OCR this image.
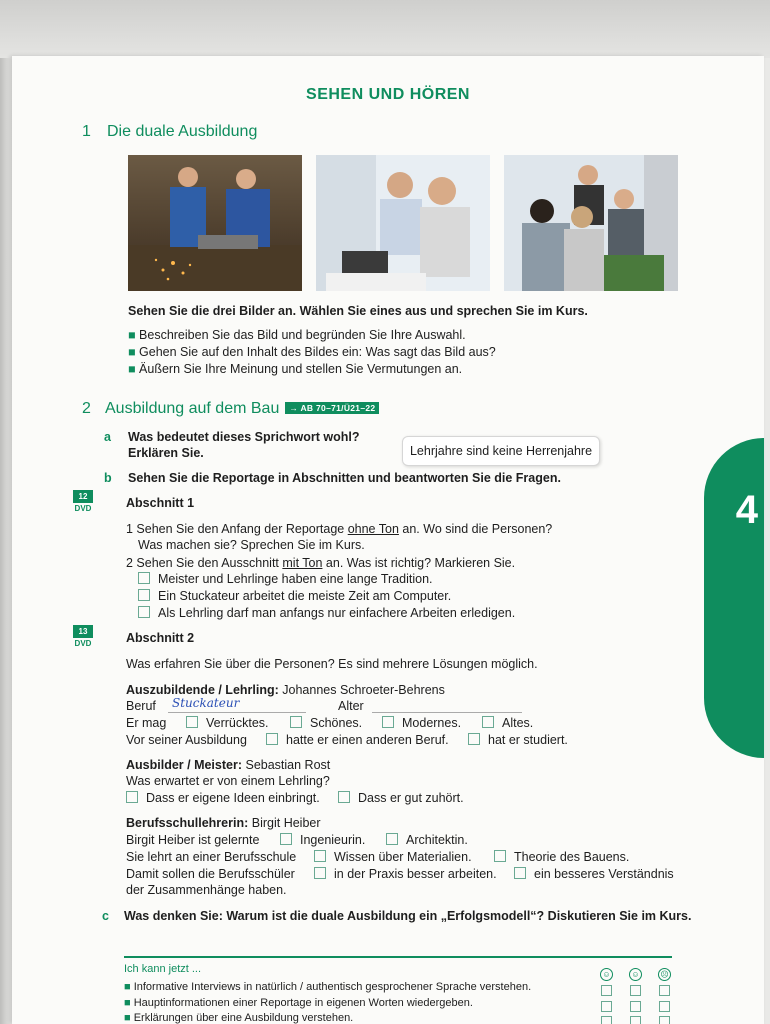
SEHEN UND HÖREN
1 Die duale Ausbildung
Sehen Sie die drei Bilder an. Wählen Sie eines aus und sprechen Sie im Kurs.
■ Beschreiben Sie das Bild und begründen Sie Ihre Auswahl.
■ Gehen Sie auf den Inhalt des Bildes ein: Was sagt das Bild aus?
■ Äußern Sie Ihre Meinung und stellen Sie Vermutungen an.
2 Ausbildung auf dem Bau → AB 70–71/Ü21–22
a Was bedeutet dieses Sprichwort wohl?
Erklären Sie.	Lehrjahre sind keine Herrenjahre
b Sehen Sie die Reportage in Abschnitten und beantworten Sie die Fragen.
12
DVD	Abschnitt 1
1 Sehen Sie den Anfang der Reportage ohne Ton an. Wo sind die Personen?
Was machen sie? Sprechen Sie im Kurs.
2 Sehen Sie den Ausschnitt mit Ton an. Was ist richtig? Markieren Sie.
Meister und Lehrlinge haben eine lange Tradition.
Ein Stuckateur arbeitet die meiste Zeit am Computer.
Als Lehrling darf man anfangs nur einfachere Arbeiten erledigen.
13
DVD	Abschnitt 2
Was erfahren Sie über die Personen? Es sind mehrere Lösungen möglich.
Auszubildende / Lehrling: Johannes Schroeter-Behrens
Beruf Stuckateur	Alter
Er mag	Verrücktes.	Schönes.	Modernes.	Altes.
Vor seiner Ausbildung	hatte er einen anderen Beruf.	hat er studiert.
Ausbilder / Meister: Sebastian Rost
Was erwartet er von einem Lehrling?
Dass er eigene Ideen einbringt.	Dass er gut zuhört.
Berufsschullehrerin: Birgit Heiber
Birgit Heiber ist gelernte	Ingenieurin.	Architektin.
Sie lehrt an einer Berufsschule	Wissen über Materialien.	Theorie des Bauens.
Damit sollen die Berufsschüler	in der Praxis besser arbeiten.	ein besseres Verständnis
der Zusammenhänge haben.
c Was denken Sie: Warum ist die duale Ausbildung ein „Erfolgsmodell“? Diskutieren Sie im Kurs.
Ich kann jetzt ...	☺	☺	☹
■ Informative Interviews in natürlich / authentisch gesprochener Sprache verstehen.
■ Hauptinformationen einer Reportage in eigenen Worten wiedergeben.
■ Erklärungen über eine Ausbildung verstehen.
4
